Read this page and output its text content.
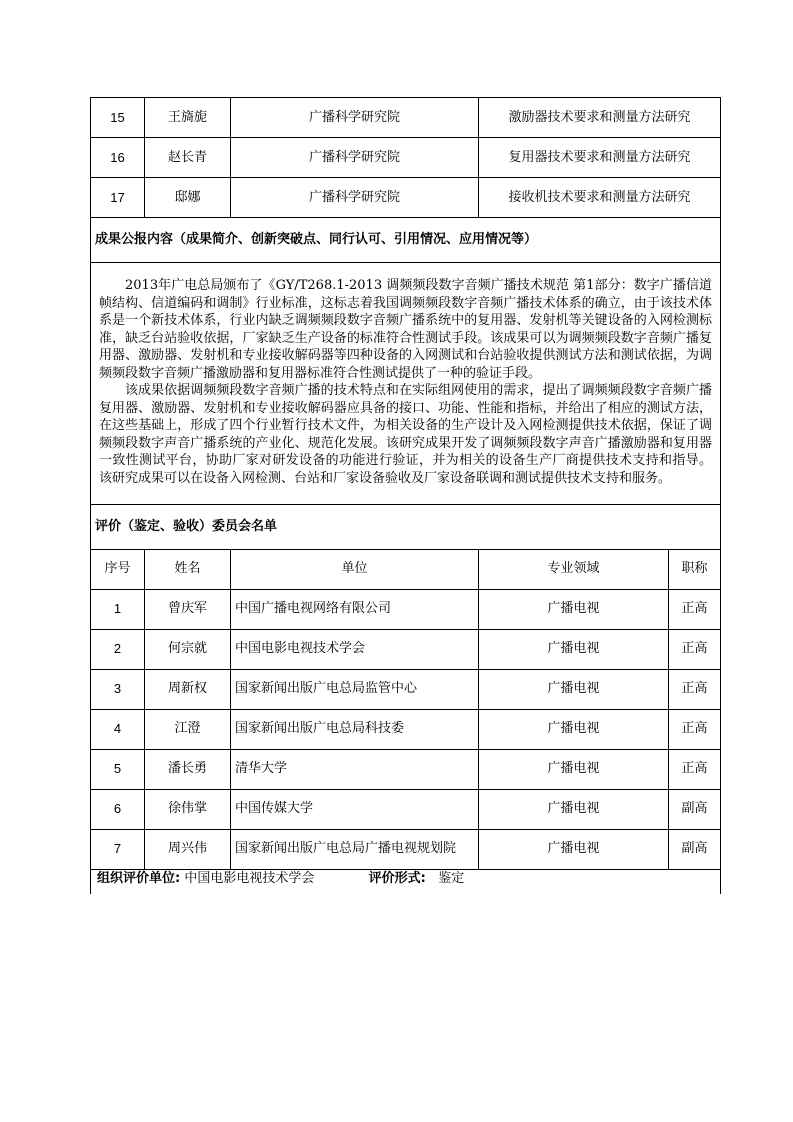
15	王旖旎	广播科学研究院	激励器技术要求和测量方法研究	
16	赵长青	广播科学研究院	复用器技术要求和测量方法研究	
17	邸娜	广播科学研究院	接收机技术要求和测量方法研究	
成果公报内容（成果简介、创新突破点、同行认可、引用情况、应用情况等）				

2013年广电总局颁布了《GY/T268.1-2013 调频频段数字音频广播技术规范 第1部分：数字广播信道帧结构、信道编码和调制》行业标准，这标志着我国调频频段数字音频广播技术体系的确立，由于该技术体系是一个新技术体系，行业内缺乏调频频段数字音频广播系统中的复用器、发射机等关键设备的入网检测标准，缺乏台站验收依据，厂家缺乏生产设备的标准符合性测试手段。该成果可以为调频频段数字音频广播复用器、激励器、发射机和专业接收解码器等四种设备的入网测试和台站验收提供测试方法和测试依据，为调频频段数字音频广播激励器和复用器标准符合性测试提供了一种的验证手段。

该成果依据调频频段数字音频广播的技术特点和在实际组网使用的需求，提出了调频频段数字音频广播复用器、激励器、发射机和专业接收解码器应具备的接口、功能、性能和指标，并给出了相应的测试方法，在这些基础上，形成了四个行业暂行技术文件，为相关设备的生产设计及入网检测提供技术依据，保证了调频频段数字声音广播系统的产业化、规范化发展。该研究成果开发了调频频段数字声音广播激励器和复用器一致性测试平台，协助厂家对研发设备的功能进行验证，并为相关的设备生产厂商提供技术支持和指导。 该研究成果可以在设备入网检测、台站和厂家设备验收及厂家设备联调和测试提供技术支持和服务。				

评价（鉴定、验收）委员会名单				
序号	姓名	单位	专业领域	职称
1	曾庆军	中国广播电视网络有限公司	广播电视	正高
2	何宗就	中国电影电视技术学会	广播电视	正高
3	周新权	国家新闻出版广电总局监管中心	广播电视	正高
4	江澄	国家新闻出版广电总局科技委	广播电视	正高
5	潘长勇	清华大学	广播电视	正高
6	徐伟掌	中国传媒大学	广播电视	副高
7	周兴伟	国家新闻出版广电总局广播电视规划院	广播电视	副高
组织评价单位: 中国电影电视技术学会 评价形式: 鉴定				
